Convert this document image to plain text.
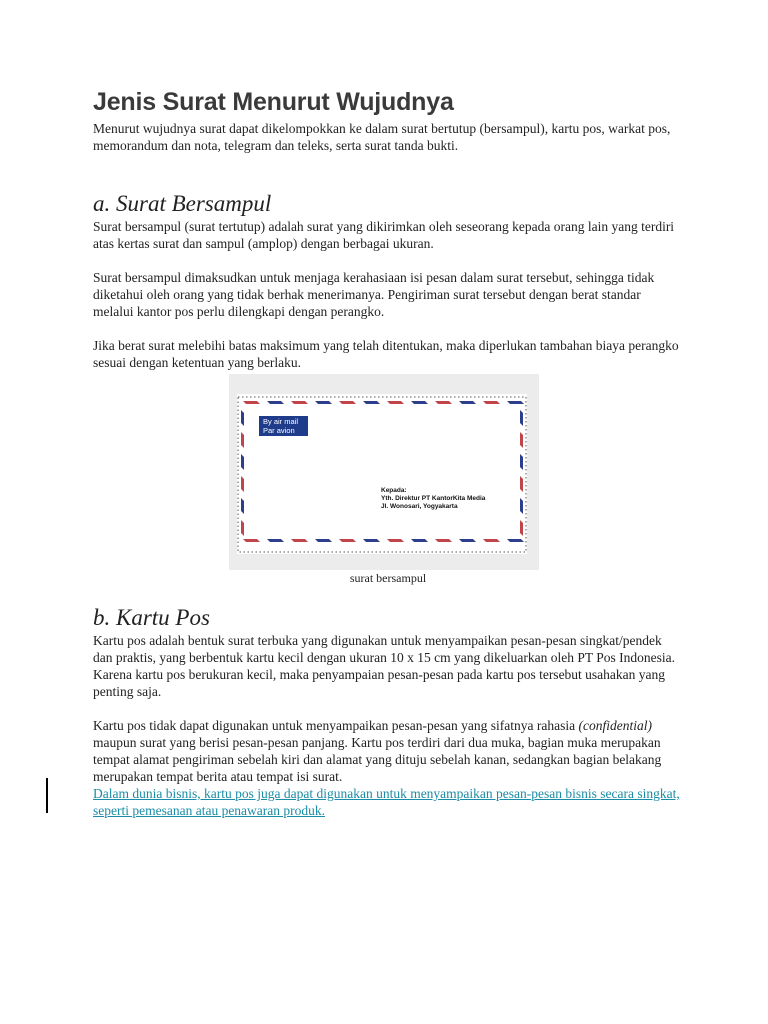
Jenis Surat Menurut Wujudnya

Menurut wujudnya surat dapat dikelompokkan ke dalam surat bertutup (bersampul), kartu pos, warkat pos, memorandum dan nota, telegram dan teleks, serta surat tanda bukti.

a. Surat Bersampul

Surat bersampul (surat tertutup) adalah surat yang dikirimkan oleh seseorang kepada orang lain yang terdiri atas kertas surat dan sampul (amplop) dengan berbagai ukuran.

Surat bersampul dimaksudkan untuk menjaga kerahasiaan isi pesan dalam surat tersebut, sehingga tidak diketahui oleh orang yang tidak berhak menerimanya. Pengiriman surat tersebut dengan berat standar melalui kantor pos perlu dilengkapi dengan perangko.

Jika berat surat melebihi batas maksimum yang telah ditentukan, maka diperlukan tambahan biaya perangko sesuai dengan ketentuan yang berlaku.

By air mail
Par avion
Kepada:
Yth. Direktur PT KantorKita Media
Jl. Wonosari, Yogyakarta
surat bersampul
b. Kartu Pos

Kartu pos adalah bentuk surat terbuka yang digunakan untuk menyampaikan pesan-pesan singkat/pendek dan praktis, yang berbentuk kartu kecil dengan ukuran 10 x 15 cm yang dikeluarkan oleh PT Pos Indonesia.

Karena kartu pos berukuran kecil, maka penyampaian pesan-pesan pada kartu pos tersebut usahakan yang penting saja.

Kartu pos tidak dapat digunakan untuk menyampaikan pesan-pesan yang sifatnya rahasia (confidential) maupun surat yang berisi pesan-pesan panjang. Kartu pos terdiri dari dua muka, bagian muka merupakan tempat alamat pengiriman sebelah kiri dan alamat yang dituju sebelah kanan, sedangkan bagian belakang merupakan tempat berita atau tempat isi surat.

Dalam dunia bisnis, kartu pos juga dapat digunakan untuk menyampaikan pesan-pesan bisnis secara singkat, seperti pemesanan atau penawaran produk.
